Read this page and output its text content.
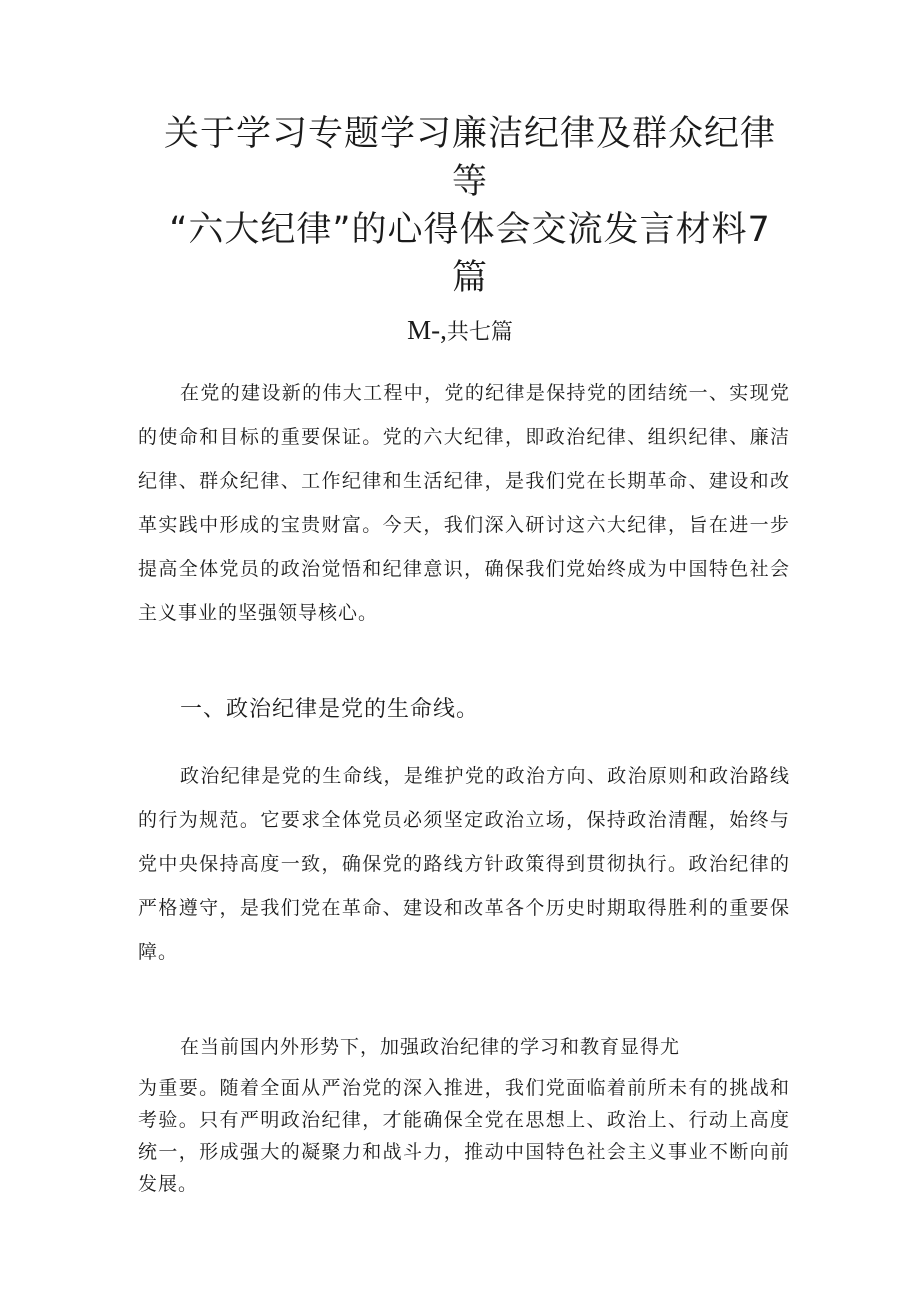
关于学习专题学习廉洁纪律及群众纪律等
“六大纪律”的心得体会交流发言材料7
篇
M-,共七篇

在党的建设新的伟大工程中，党的纪律是保持党的团结统一、实现党的使命和目标的重要保证。党的六大纪律，即政治纪律、组织纪律、廉洁纪律、群众纪律、工作纪律和生活纪律，是我们党在长期革命、建设和改革实践中形成的宝贵财富。今天，我们深入研讨这六大纪律，旨在进一步提高全体党员的政治觉悟和纪律意识，确保我们党始终成为中国特色社会主义事业的坚强领导核心。

一、政治纪律是党的生命线。

政治纪律是党的生命线，是维护党的政治方向、政治原则和政治路线的行为规范。它要求全体党员必须坚定政治立场，保持政治清醒，始终与党中央保持高度一致，确保党的路线方针政策得到贯彻执行。政治纪律的严格遵守，是我们党在革命、建设和改革各个历史时期取得胜利的重要保障。

在当前国内外形势下，加强政治纪律的学习和教育显得尤

为重要。随着全面从严治党的深入推进，我们党面临着前所未有的挑战和考验。只有严明政治纪律，才能确保全党在思想上、政治上、行动上高度统一，形成强大的凝聚力和战斗力，推动中国特色社会主义事业不断向前发展。
